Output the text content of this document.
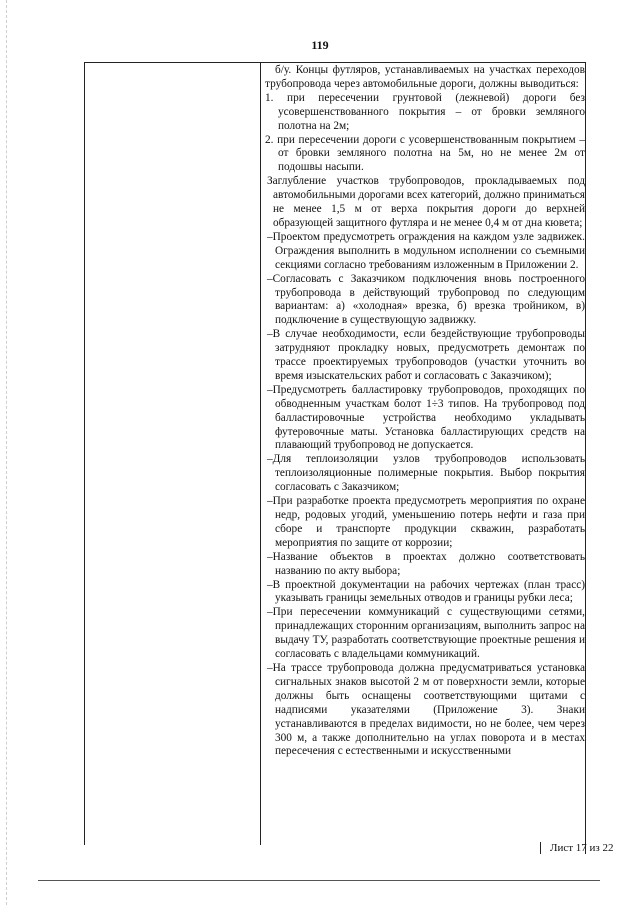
119

б/у. Концы футляров, устанавливаемых на участках переходов трубопровода через автомобильные дороги, должны выводиться:

1. при пересечении грунтовой (лежневой) дороги без усовершенствованного покрытия – от бровки земляного полотна на 2м;

2. при пересечении дороги с усовершенствованным покрытием – от бровки земляного полотна на 5м, но не менее 2м от подошвы насыпи.

Заглубление участков трубопроводов, прокладываемых под автомобильными дорогами всех категорий, должно приниматься не менее 1,5 м от верха покрытия дороги до верхней образующей защитного футляра и не менее 0,4 м от дна кювета;

–Проектом предусмотреть ограждения на каждом узле задвижек. Ограждения выполнить в модульном исполнении со съемными секциями согласно требованиям изложенным в Приложении 2.

–Согласовать с Заказчиком подключения вновь построенного трубопровода в действующий трубопровод по следующим вариантам: а) «холодная» врезка, б) врезка тройником, в) подключение в существующую задвижку.

–В случае необходимости, если бездействующие трубопроводы затрудняют прокладку новых, предусмотреть демонтаж по трассе проектируемых трубопроводов (участки уточнить во время изыскательских работ и согласовать с Заказчиком);

–Предусмотреть балластировку трубопроводов, проходящих по обводненным участкам болот 1÷3 типов. На трубопровод под балластировочные устройства необходимо укладывать футеровочные маты. Установка балластирующих средств на плавающий трубопровод не допускается.

–Для теплоизоляции узлов трубопроводов использовать теплоизоляционные полимерные покрытия. Выбор покрытия согласовать с Заказчиком;

–При разработке проекта предусмотреть мероприятия по охране недр, родовых угодий, уменьшению потерь нефти и газа при сборе и транспорте продукции скважин, разработать мероприятия по защите от коррозии;

–Название объектов в проектах должно соответствовать названию по акту выбора;

–В проектной документации на рабочих чертежах (план трасс) указывать границы земельных отводов и границы рубки леса;

–При пересечении коммуникаций с существующими сетями, принадлежащих сторонним организациям, выполнить запрос на выдачу ТУ, разработать соответствующие проектные решения и согласовать с владельцами коммуникаций.

–На трассе трубопровода должна предусматриваться установка сигнальных знаков высотой 2 м от поверхности земли, которые должны быть оснащены соответствующими щитами с надписями указателями (Приложение 3). Знаки устанавливаются в пределах видимости, но не более, чем через 300 м, а также дополнительно на углах поворота и в местах пересечения с естественными и искусственными

Лист 17 из 22
